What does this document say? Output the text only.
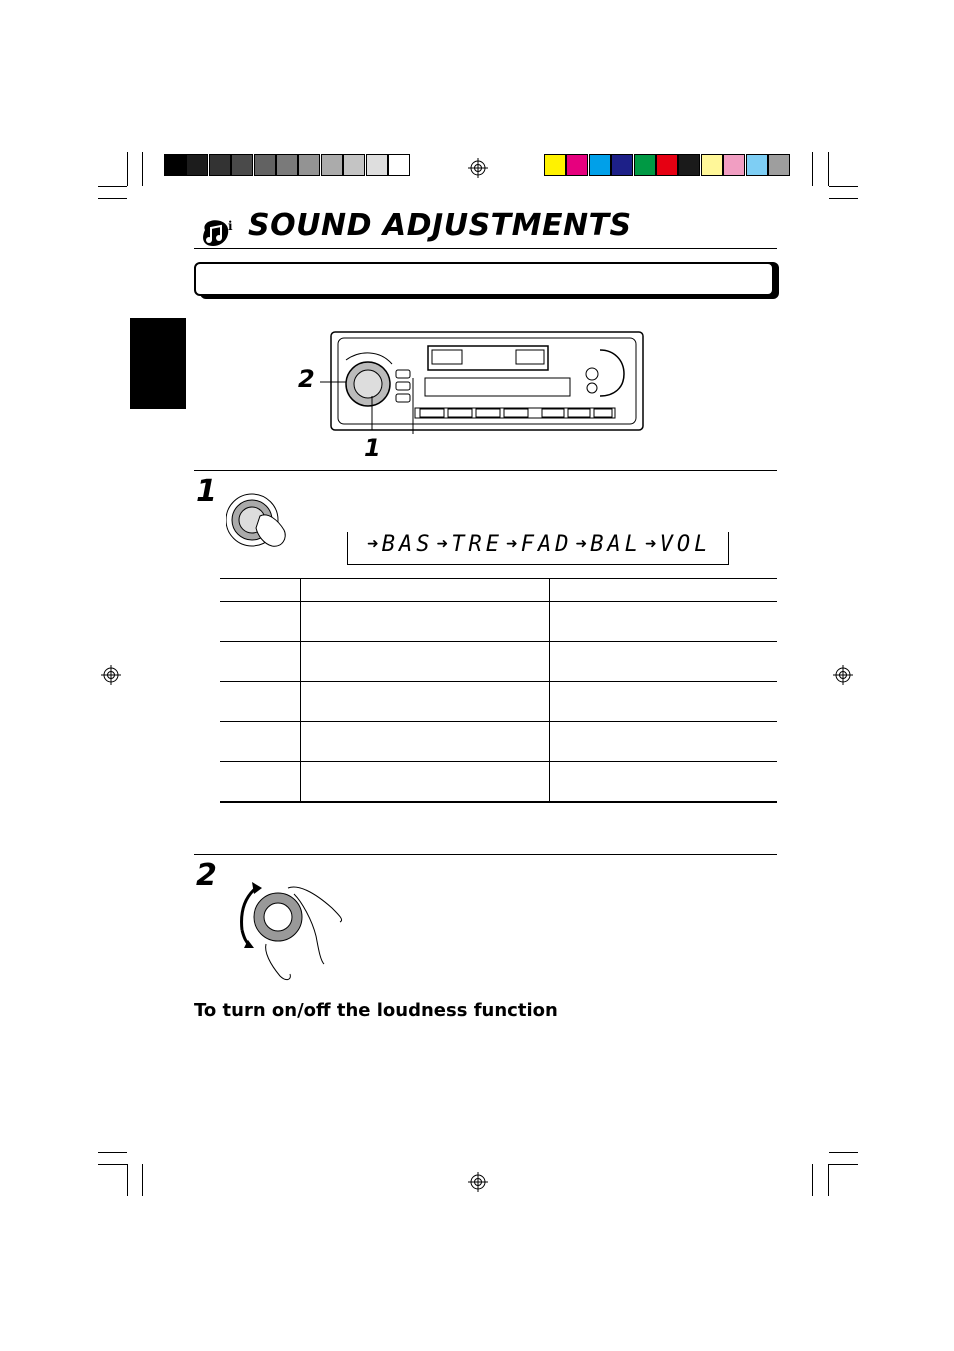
i SOUND ADJUSTMENTS
2
1
1
➜ BAS ➜ TRE ➜ FAD ➜ BAL ➜ VOL

2
To turn on/off the loudness function
